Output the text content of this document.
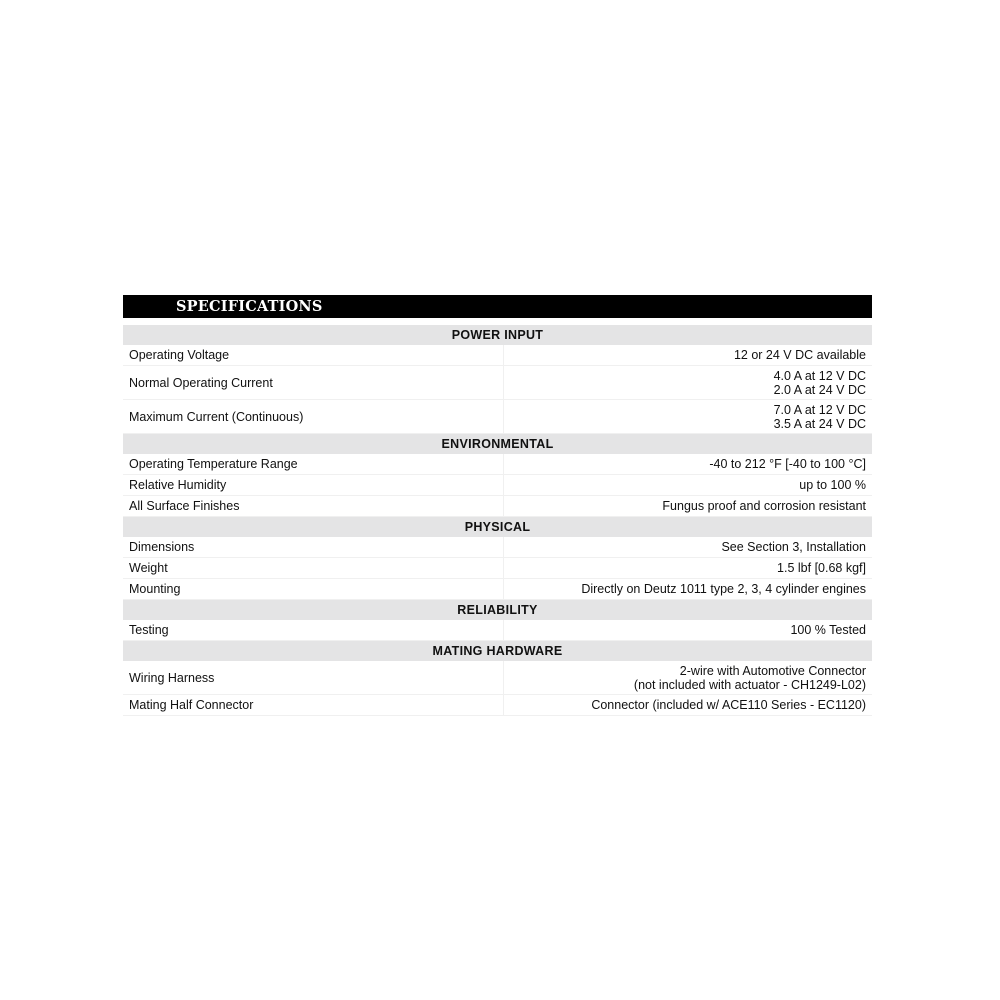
SPECIFICATIONS
POWER INPUT	
Operating Voltage	12 or 24 V DC available

Normal Operating Current	4.0 A at 12 V DC
2.0 A at 24 V DC

Maximum Current (Continuous)	7.0 A at 12 V DC
3.5 A at 24 V DC

ENVIRONMENTAL	
Operating Temperature Range	-40 to 212 °F [-40 to 100 °C]

Relative Humidity	up to 100 %

All Surface Finishes	Fungus proof and corrosion resistant

PHYSICAL	
Dimensions	See Section 3, Installation

Weight	1.5 lbf [0.68 kgf]

Mounting	Directly on Deutz 1011 type 2, 3, 4 cylinder engines

RELIABILITY	
Testing	100 % Tested

MATING HARDWARE	
Wiring Harness	2-wire with Automotive Connector
(not included with actuator - CH1249-L02)

Mating Half Connector	Connector (included w/ ACE110 Series - EC1120)
